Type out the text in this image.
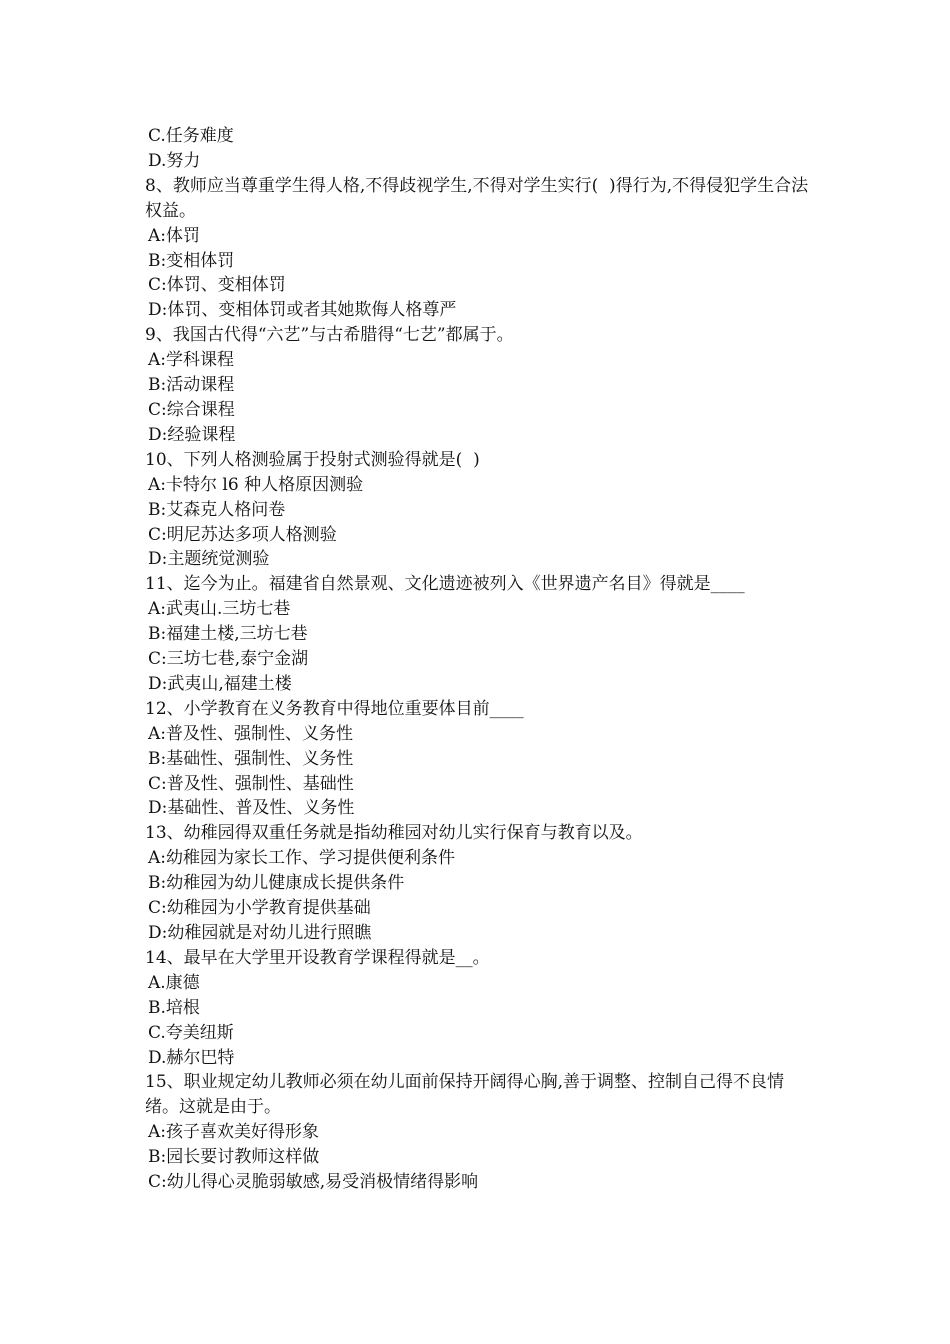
C.任务难度

D.努力

8、教师应当尊重学生得人格,不得歧视学生,不得对学生实行(  )得行为,不得侵犯学生合法权益。

A:体罚

B:变相体罚

C:体罚、变相体罚

D:体罚、变相体罚或者其她欺侮人格尊严

9、我国古代得“六艺”与古希腊得“七艺”都属于。

A:学科课程

B:活动课程

C:综合课程

D:经验课程

10、下列人格测验属于投射式测验得就是(  )

A:卡特尔 l6 种人格原因测验

B:艾森克人格问卷

C:明尼苏达多项人格测验

D:主题统觉测验

11、迄今为止。福建省自然景观、文化遗迹被列入《世界遗产名目》得就是____

A:武夷山.三坊七巷

B:福建土楼,三坊七巷

C:三坊七巷,泰宁金湖

D:武夷山,福建土楼

12、小学教育在义务教育中得地位重要体目前____

A:普及性、强制性、义务性

B:基础性、强制性、义务性

C:普及性、强制性、基础性

D:基础性、普及性、义务性

13、幼稚园得双重任务就是指幼稚园对幼儿实行保育与教育以及。

A:幼稚园为家长工作、学习提供便利条件

B:幼稚园为幼儿健康成长提供条件

C:幼稚园为小学教育提供基础

D:幼稚园就是对幼儿进行照瞧

14、最早在大学里开设教育学课程得就是__。

A.康德

B.培根

C.夸美纽斯

D.赫尔巴特

15、职业规定幼儿教师必须在幼儿面前保持开阔得心胸,善于调整、控制自己得不良情绪。这就是由于。

A:孩子喜欢美好得形象

B:园长要讨教师这样做

C:幼儿得心灵脆弱敏感,易受消极情绪得影响
